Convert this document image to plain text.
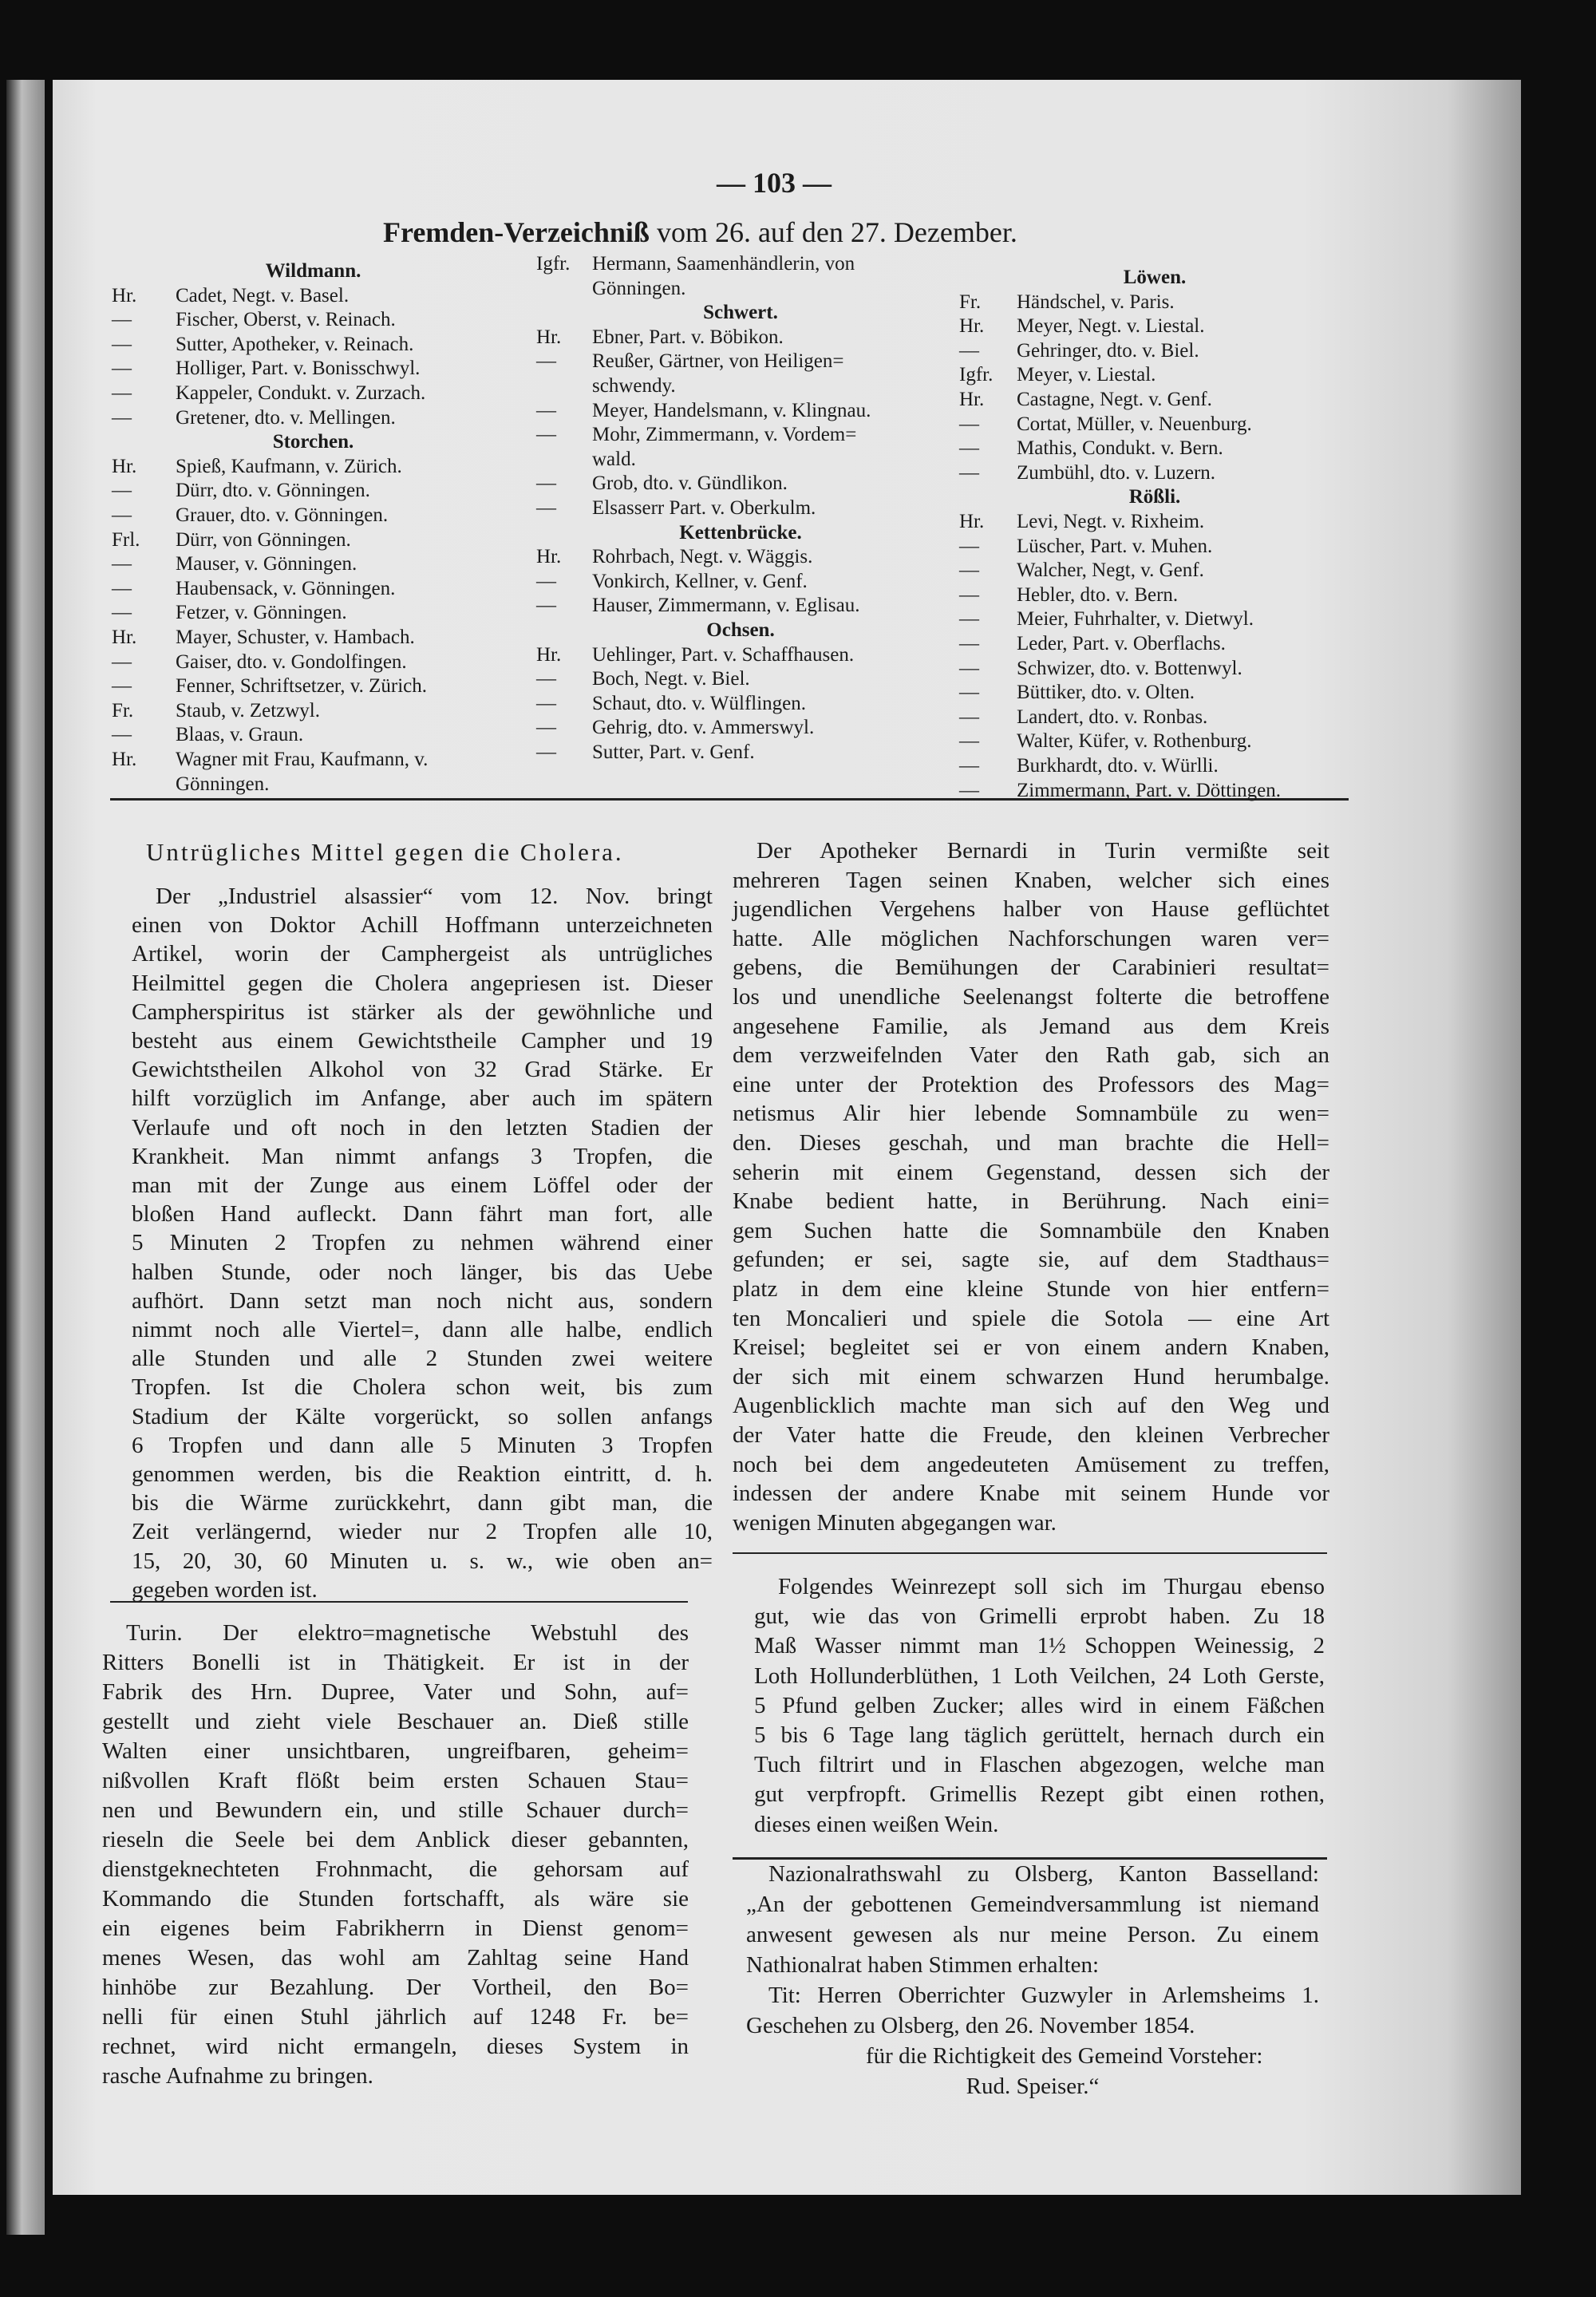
— 103 —
Fremden-Verzeichniß vom 26. auf den 27. Dezember.
Wildmann.
Hr. Cadet, Negt. v. Basel.
— Fischer, Oberst, v. Reinach.
— Sutter, Apotheker, v. Reinach.
— Holliger, Part. v. Bonisschwyl.
— Kappeler, Condukt. v. Zurzach.
— Gretener, dto. v. Mellingen.
Storchen.
Hr. Spieß, Kaufmann, v. Zürich.
— Dürr, dto. v. Gönningen.
— Grauer, dto. v. Gönningen.
Frl. Dürr, von Gönningen.
— Mauser, v. Gönningen.
— Haubensack, v. Gönningen.
— Fetzer, v. Gönningen.
Hr. Mayer, Schuster, v. Hambach.
— Gaiser, dto. v. Gondolfingen.
— Fenner, Schriftsetzer, v. Zürich.
Fr. Staub, v. Zetzwyl.
— Blaas, v. Graun.
Hr. Wagner mit Frau, Kaufmann, v.
Gönningen.
Igfr. Hermann, Saamenhändlerin, von
Gönningen.
Schwert.
Hr. Ebner, Part. v. Böbikon.
— Reußer, Gärtner, von Heiligen=
schwendy.
— Meyer, Handelsmann, v. Klingnau.
— Mohr, Zimmermann, v. Vordem=
wald.
— Grob, dto. v. Gündlikon.
— Elsasserr Part. v. Oberkulm.
Kettenbrücke.
Hr. Rohrbach, Negt. v. Wäggis.
— Vonkirch, Kellner, v. Genf.
— Hauser, Zimmermann, v. Eglisau.
Ochsen.
Hr. Uehlinger, Part. v. Schaffhausen.
— Boch, Negt. v. Biel.
— Schaut, dto. v. Wülflingen.
— Gehrig, dto. v. Ammerswyl.
— Sutter, Part. v. Genf.
Löwen.
Fr. Händschel, v. Paris.
Hr. Meyer, Negt. v. Liestal.
— Gehringer, dto. v. Biel.
Igfr. Meyer, v. Liestal.
Hr. Castagne, Negt. v. Genf.
— Cortat, Müller, v. Neuenburg.
— Mathis, Condukt. v. Bern.
— Zumbühl, dto. v. Luzern.
Rößli.
Hr. Levi, Negt. v. Rixheim.
— Lüscher, Part. v. Muhen.
— Walcher, Negt, v. Genf.
— Hebler, dto. v. Bern.
— Meier, Fuhrhalter, v. Dietwyl.
— Leder, Part. v. Oberflachs.
— Schwizer, dto. v. Bottenwyl.
— Büttiker, dto. v. Olten.
— Landert, dto. v. Ronbas.
— Walter, Küfer, v. Rothenburg.
— Burkhardt, dto. v. Würlli.
— Zimmermann, Part. v. Döttingen.
Der „Industriel alsassier“ vom 12. Nov. bringt
einen von Doktor Achill Hoffmann unterzeichneten
Artikel, worin der Camphergeist als untrügliches
Heilmittel gegen die Cholera angepriesen ist. Dieser
Campherspiritus ist stärker als der gewöhnliche und
besteht aus einem Gewichtstheile Campher und 19
Gewichtstheilen Alkohol von 32 Grad Stärke. Er
hilft vorzüglich im Anfange, aber auch im spätern
Verlaufe und oft noch in den letzten Stadien der
Krankheit. Man nimmt anfangs 3 Tropfen, die
man mit der Zunge aus einem Löffel oder der
bloßen Hand aufleckt. Dann fährt man fort, alle
5 Minuten 2 Tropfen zu nehmen während einer
halben Stunde, oder noch länger, bis das Uebe
aufhört. Dann setzt man noch nicht aus, sondern
nimmt noch alle Viertel=, dann alle halbe, endlich
alle Stunden und alle 2 Stunden zwei weitere
Tropfen. Ist die Cholera schon weit, bis zum
Stadium der Kälte vorgerückt, so sollen anfangs
6 Tropfen und dann alle 5 Minuten 3 Tropfen
genommen werden, bis die Reaktion eintritt, d. h.
bis die Wärme zurückkehrt, dann gibt man, die
Zeit verlängernd, wieder nur 2 Tropfen alle 10,
15, 20, 30, 60 Minuten u. s. w., wie oben an=
gegeben worden ist.
Untrügliches Mittel gegen die Cholera.
Turin. Der elektro=magnetische Webstuhl des
Ritters Bonelli ist in Thätigkeit. Er ist in der
Fabrik des Hrn. Dupree, Vater und Sohn, auf=
gestellt und zieht viele Beschauer an. Dieß stille
Walten einer unsichtbaren, ungreifbaren, geheim=
nißvollen Kraft flößt beim ersten Schauen Stau=
nen und Bewundern ein, und stille Schauer durch=
rieseln die Seele bei dem Anblick dieser gebannten,
dienstgeknechteten Frohnmacht, die gehorsam auf
Kommando die Stunden fortschafft, als wäre sie
ein eigenes beim Fabrikherrn in Dienst genom=
menes Wesen, das wohl am Zahltag seine Hand
hinhöbe zur Bezahlung. Der Vortheil, den Bo=
nelli für einen Stuhl jährlich auf 1248 Fr. be=
rechnet, wird nicht ermangeln, dieses System in
rasche Aufnahme zu bringen.
Der Apotheker Bernardi in Turin vermißte seit
mehreren Tagen seinen Knaben, welcher sich eines
jugendlichen Vergehens halber von Hause geflüchtet
hatte. Alle möglichen Nachforschungen waren ver=
gebens, die Bemühungen der Carabinieri resultat=
los und unendliche Seelenangst folterte die betroffene
angesehene Familie, als Jemand aus dem Kreis
dem verzweifelnden Vater den Rath gab, sich an
eine unter der Protektion des Professors des Mag=
netismus Alir hier lebende Somnambüle zu wen=
den. Dieses geschah, und man brachte die Hell=
seherin mit einem Gegenstand, dessen sich der
Knabe bedient hatte, in Berührung. Nach eini=
gem Suchen hatte die Somnambüle den Knaben
gefunden; er sei, sagte sie, auf dem Stadthaus=
platz in dem eine kleine Stunde von hier entfern=
ten Moncalieri und spiele die Sotola — eine Art
Kreisel; begleitet sei er von einem andern Knaben,
der sich mit einem schwarzen Hund herumbalge.
Augenblicklich machte man sich auf den Weg und
der Vater hatte die Freude, den kleinen Verbrecher
noch bei dem angedeuteten Amüsement zu treffen,
indessen der andere Knabe mit seinem Hunde vor
wenigen Minuten abgegangen war.
Folgendes Weinrezept soll sich im Thurgau ebenso
gut, wie das von Grimelli erprobt haben. Zu 18
Maß Wasser nimmt man 1½ Schoppen Weinessig, 2
Loth Hollunderblüthen, 1 Loth Veilchen, 24 Loth Gerste,
5 Pfund gelben Zucker; alles wird in einem Fäßchen
5 bis 6 Tage lang täglich gerüttelt, hernach durch ein
Tuch filtrirt und in Flaschen abgezogen, welche man
gut verpfropft. Grimellis Rezept gibt einen rothen,
dieses einen weißen Wein.
Nazionalrathswahl zu Olsberg, Kanton Basselland:
„An der gebottenen Gemeindversammlung ist niemand
anwesent gewesen als nur meine Person. Zu einem
Nathionalrat haben Stimmen erhalten:
Tit: Herren Oberrichter Guzwyler in Arlemsheims 1.
Geschehen zu Olsberg, den 26. November 1854.
für die Richtigkeit des Gemeind Vorsteher:
Rud. Speiser.“
